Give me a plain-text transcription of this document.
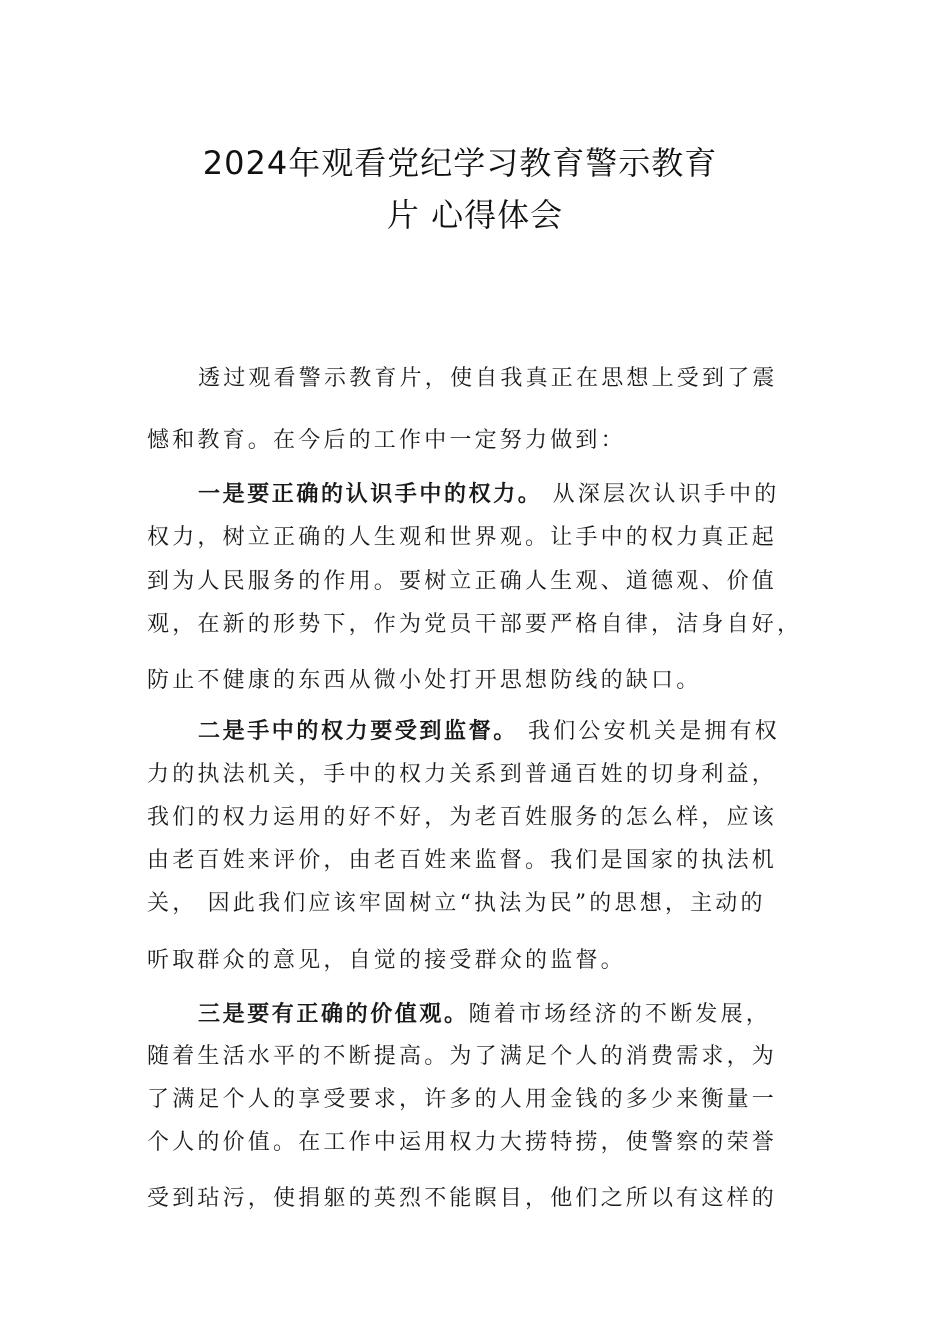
2024年观看党纪学习教育警示教育
片 心得体会
透过观看警示教育片，使自我真正在思想上受到了震
憾和教育。在今后的工作中一定努力做到：
一是要正确的认识手中的权力。 从深层次认识手中的
权力，树立正确的人生观和世界观。让手中的权力真正起
到为人民服务的作用。要树立正确人生观、道德观、价值
观，在新的形势下，作为党员干部要严格自律，洁身自好，
防止不健康的东西从微小处打开思想防线的缺口。
二是手中的权力要受到监督。 我们公安机关是拥有权
力的执法机关，手中的权力关系到普通百姓的切身利益，
我们的权力运用的好不好，为老百姓服务的怎么样，应该
由老百姓来评价，由老百姓来监督。我们是国家的执法机
关， 因此我们应该牢固树立“执法为民”的思想，主动的
听取群众的意见，自觉的接受群众的监督。
三是要有正确的价值观。随着市场经济的不断发展，
随着生活水平的不断提高。为了满足个人的消费需求，为
了满足个人的享受要求，许多的人用金钱的多少来衡量一
个人的价值。在工作中运用权力大捞特捞，使警察的荣誉
受到玷污，使捐躯的英烈不能瞑目，他们之所以有这样的
